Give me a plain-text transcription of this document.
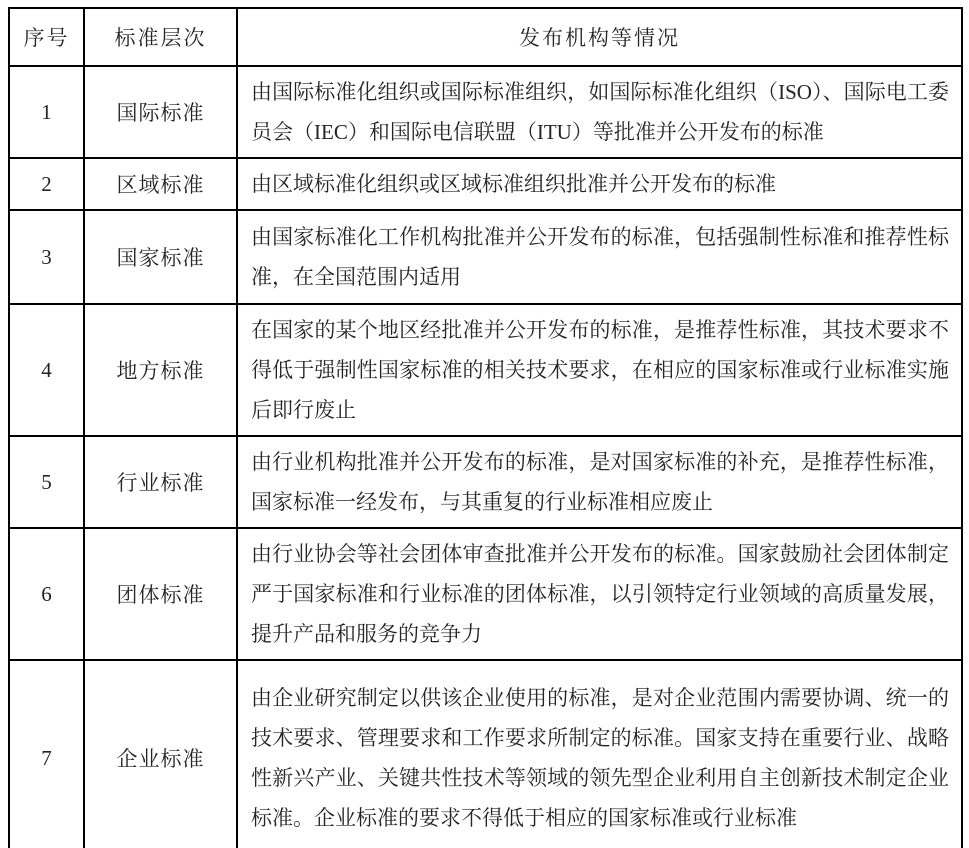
序号	标准层次	发布机构等情况
1	国际标准	由国际标准化组织或国际标准组织，如国际标准化组织（ISO）、国际电工委员会（IEC）和国际电信联盟（ITU）等批准并公开发布的标准
2	区域标准	由区域标准化组织或区域标准组织批准并公开发布的标准
3	国家标准	由国家标准化工作机构批准并公开发布的标准，包括强制性标准和推荐性标准，在全国范围内适用
4	地方标准	在国家的某个地区经批准并公开发布的标准，是推荐性标准，其技术要求不得低于强制性国家标准的相关技术要求，在相应的国家标准或行业标准实施后即行废止
5	行业标准	由行业机构批准并公开发布的标准，是对国家标准的补充，是推荐性标准，国家标准一经发布，与其重复的行业标准相应废止
6	团体标准	由行业协会等社会团体审查批准并公开发布的标准。国家鼓励社会团体制定严于国家标准和行业标准的团体标准，以引领特定行业领域的高质量发展，提升产品和服务的竞争力
7	企业标准	由企业研究制定以供该企业使用的标准，是对企业范围内需要协调、统一的技术要求、管理要求和工作要求所制定的标准。国家支持在重要行业、战略性新兴产业、关键共性技术等领域的领先型企业利用自主创新技术制定企业标准。企业标准的要求不得低于相应的国家标准或行业标准
